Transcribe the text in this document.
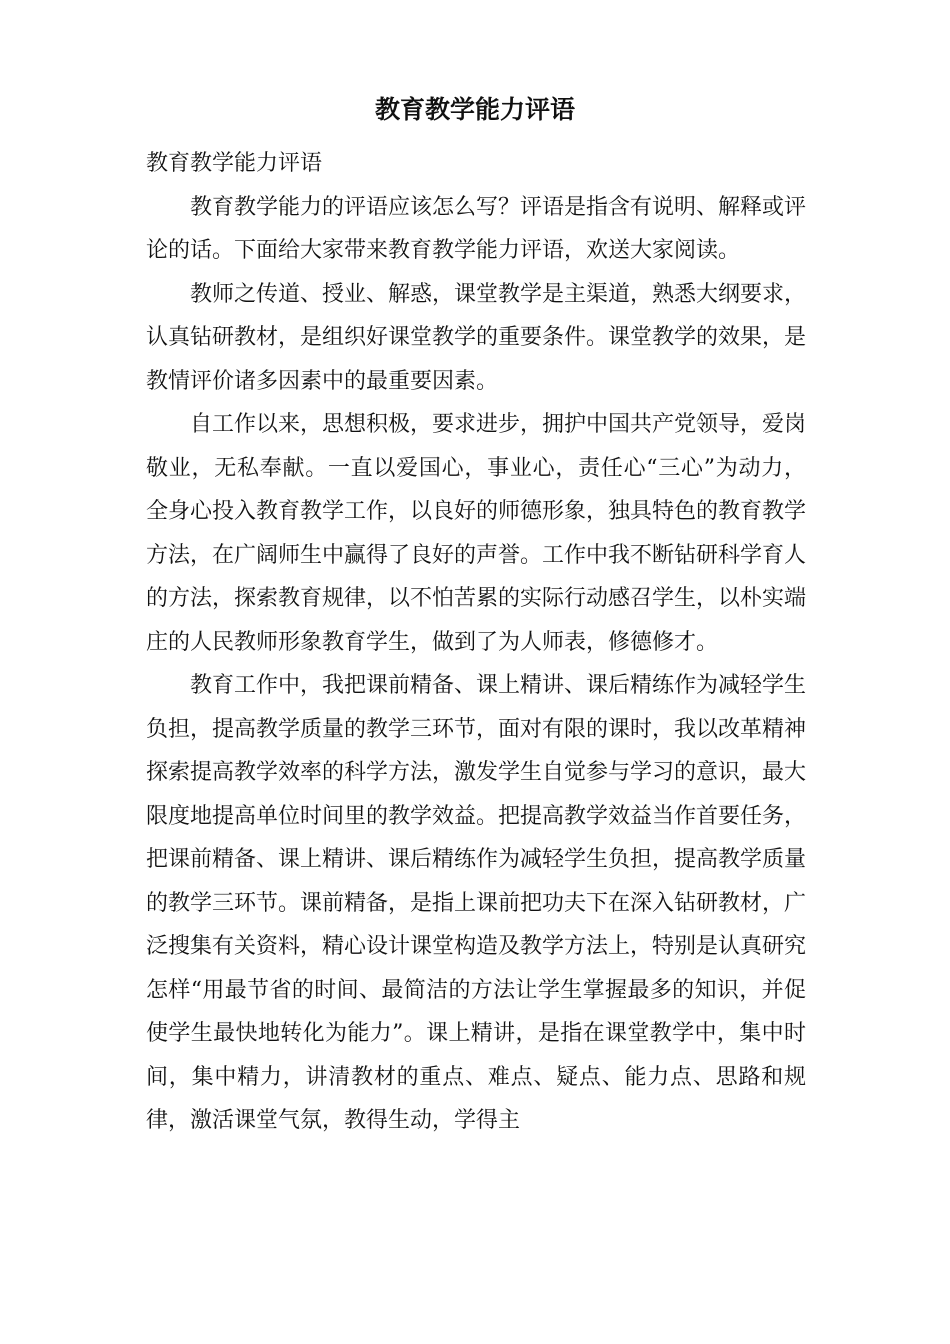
教育教学能力评语

教育教学能力评语

教育教学能力的评语应该怎么写？评语是指含有说明、解释或评论的话。下面给大家带来教育教学能力评语，欢送大家阅读。

教师之传道、授业、解惑，课堂教学是主渠道，熟悉大纲要求，认真钻研教材，是组织好课堂教学的重要条件。课堂教学的效果，是教情评价诸多因素中的最重要因素。

自工作以来，思想积极，要求进步，拥护中国共产党领导，爱岗敬业，无私奉献。一直以爱国心，事业心，责任心“三心”为动力，全身心投入教育教学工作，以良好的师德形象，独具特色的教育教学方法，在广阔师生中赢得了良好的声誉。工作中我不断钻研科学育人的方法，探索教育规律，以不怕苦累的实际行动感召学生，以朴实端庄的人民教师形象教育学生，做到了为人师表，修德修才。

教育工作中，我把课前精备、课上精讲、课后精练作为减轻学生负担，提高教学质量的教学三环节，面对有限的课时，我以改革精神探索提高教学效率的科学方法，激发学生自觉参与学习的意识，最大限度地提高单位时间里的教学效益。把提高教学效益当作首要任务，把课前精备、课上精讲、课后精练作为减轻学生负担，提高教学质量的教学三环节。课前精备，是指上课前把功夫下在深入钻研教材，广泛搜集有关资料，精心设计课堂构造及教学方法上，特别是认真研究怎样“用最节省的时间、最简洁的方法让学生掌握最多的知识，并促使学生最快地转化为能力”。课上精讲，是指在课堂教学中，集中时间，集中精力，讲清教材的重点、难点、疑点、能力点、思路和规律，激活课堂气氛，教得生动，学得主
